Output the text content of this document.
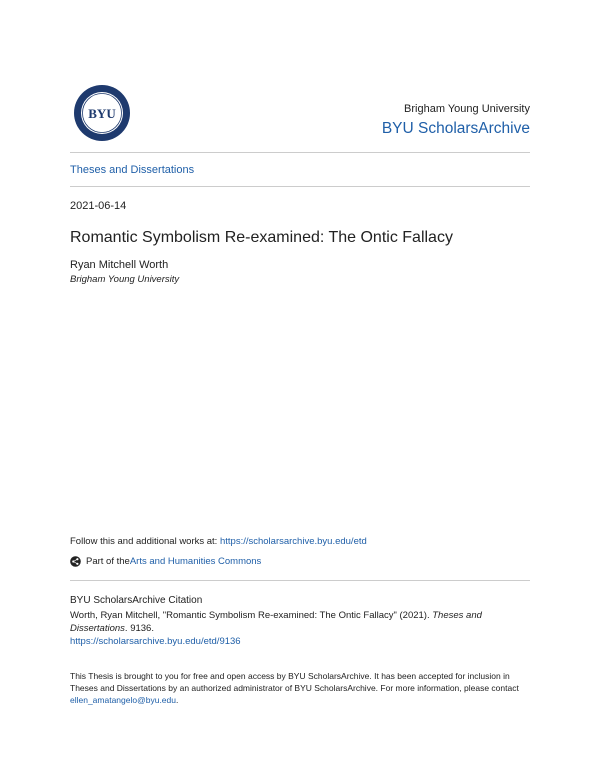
BYU	Brigham Young University
BYU ScholarsArchive
Theses and Dissertations
2021-06-14
Romantic Symbolism Re-examined: The Ontic Fallacy
Ryan Mitchell Worth
Brigham Young University
Follow this and additional works at: https://scholarsarchive.byu.edu/etd
Part of the Arts and Humanities Commons
BYU ScholarsArchive Citation
Worth, Ryan Mitchell, "Romantic Symbolism Re-examined: The Ontic Fallacy" (2021). Theses and Dissertations. 9136.
https://scholarsarchive.byu.edu/etd/9136
This Thesis is brought to you for free and open access by BYU ScholarsArchive. It has been accepted for inclusion in Theses and Dissertations by an authorized administrator of BYU ScholarsArchive. For more information, please contact ellen_amatangelo@byu.edu.
